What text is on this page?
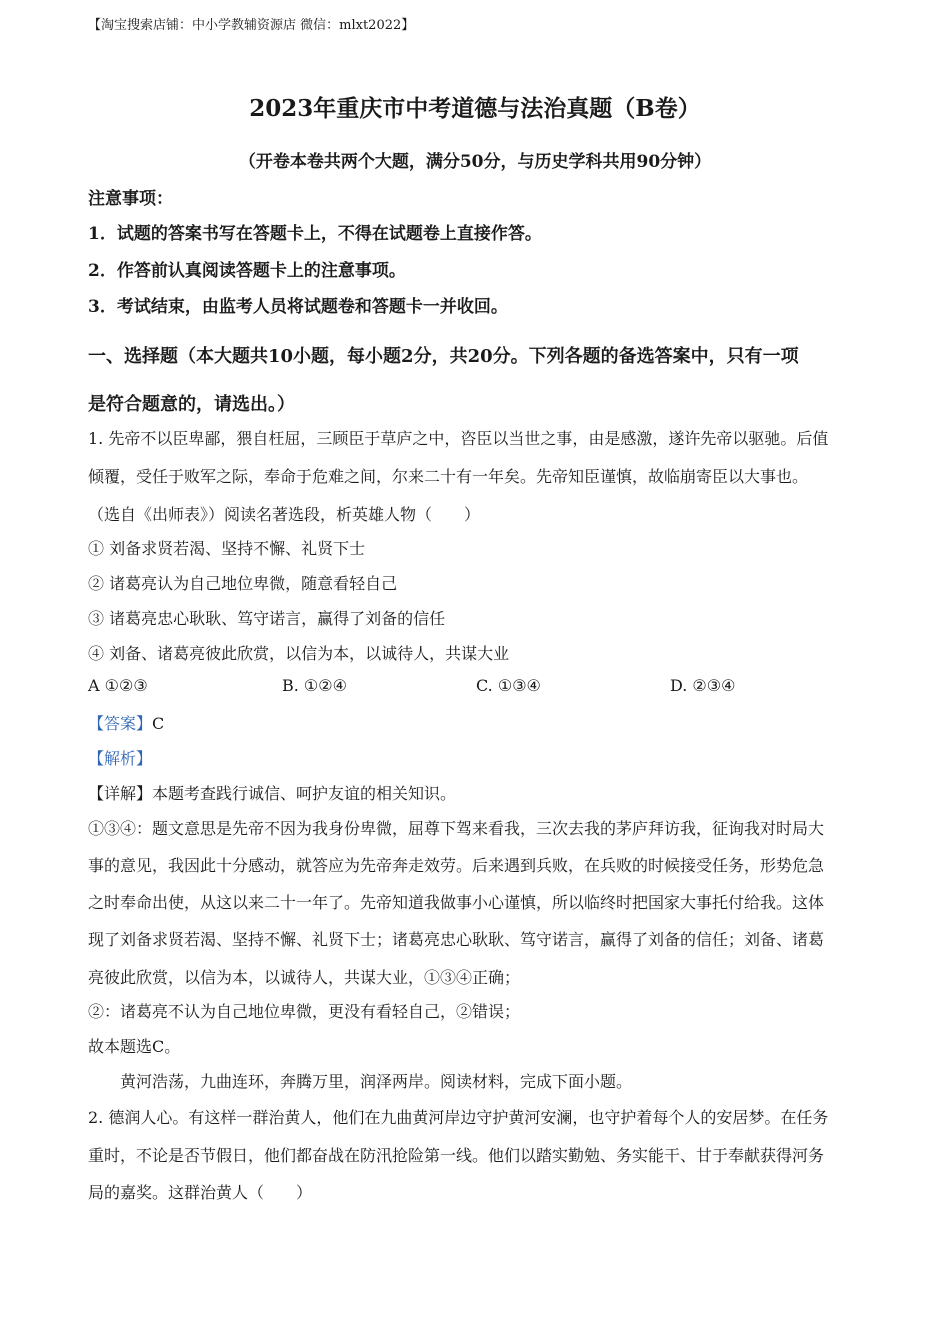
【淘宝搜索店铺：中小学教辅资源店 微信：mlxt2022】
2023年重庆市中考道德与法治真题（B卷）
（开卷本卷共两个大题，满分50分，与历史学科共用90分钟）
注意事项：
1．试题的答案书写在答题卡上，不得在试题卷上直接作答。
2．作答前认真阅读答题卡上的注意事项。
3．考试结束，由监考人员将试题卷和答题卡一并收回。
一、选择题（本大题共10小题，每小题2分，共20分。下列各题的备选答案中，只有一项
是符合题意的，请选出。）
1. 先帝不以臣卑鄙，猥自枉屈，三顾臣于草庐之中，咨臣以当世之事，由是感激，遂许先帝以驱驰。后值
倾覆，受任于败军之际，奉命于危难之间，尔来二十有一年矣。先帝知臣谨慎，故临崩寄臣以大事也。
（选自《出师表》）阅读名著选段，析英雄人物（　　）
① 刘备求贤若渴、坚持不懈、礼贤下士
② 诸葛亮认为自己地位卑微，随意看轻自己
③ 诸葛亮忠心耿耿、笃守诺言，赢得了刘备的信任
④ 刘备、诸葛亮彼此欣赏，以信为本，以诚待人，共谋大业
A ①②③	B. ①②④	C. ①③④	D. ②③④
【答案】C
【解析】
【详解】本题考查践行诚信、呵护友谊的相关知识。
①③④：题文意思是先帝不因为我身份卑微，屈尊下驾来看我，三次去我的茅庐拜访我，征询我对时局大
事的意见，我因此十分感动，就答应为先帝奔走效劳。后来遇到兵败，在兵败的时候接受任务，形势危急
之时奉命出使，从这以来二十一年了。先帝知道我做事小心谨慎，所以临终时把国家大事托付给我。这体
现了刘备求贤若渴、坚持不懈、礼贤下士；诸葛亮忠心耿耿、笃守诺言，赢得了刘备的信任；刘备、诸葛
亮彼此欣赏，以信为本，以诚待人，共谋大业，①③④正确；
②：诸葛亮不认为自己地位卑微，更没有看轻自己，②错误；
故本题选C。
黄河浩荡，九曲连环，奔腾万里，润泽两岸。阅读材料，完成下面小题。
2. 德润人心。有这样一群治黄人，他们在九曲黄河岸边守护黄河安澜，也守护着每个人的安居梦。在任务
重时，不论是否节假日，他们都奋战在防汛抢险第一线。他们以踏实勤勉、务实能干、甘于奉献获得河务
局的嘉奖。这群治黄人（　　）
